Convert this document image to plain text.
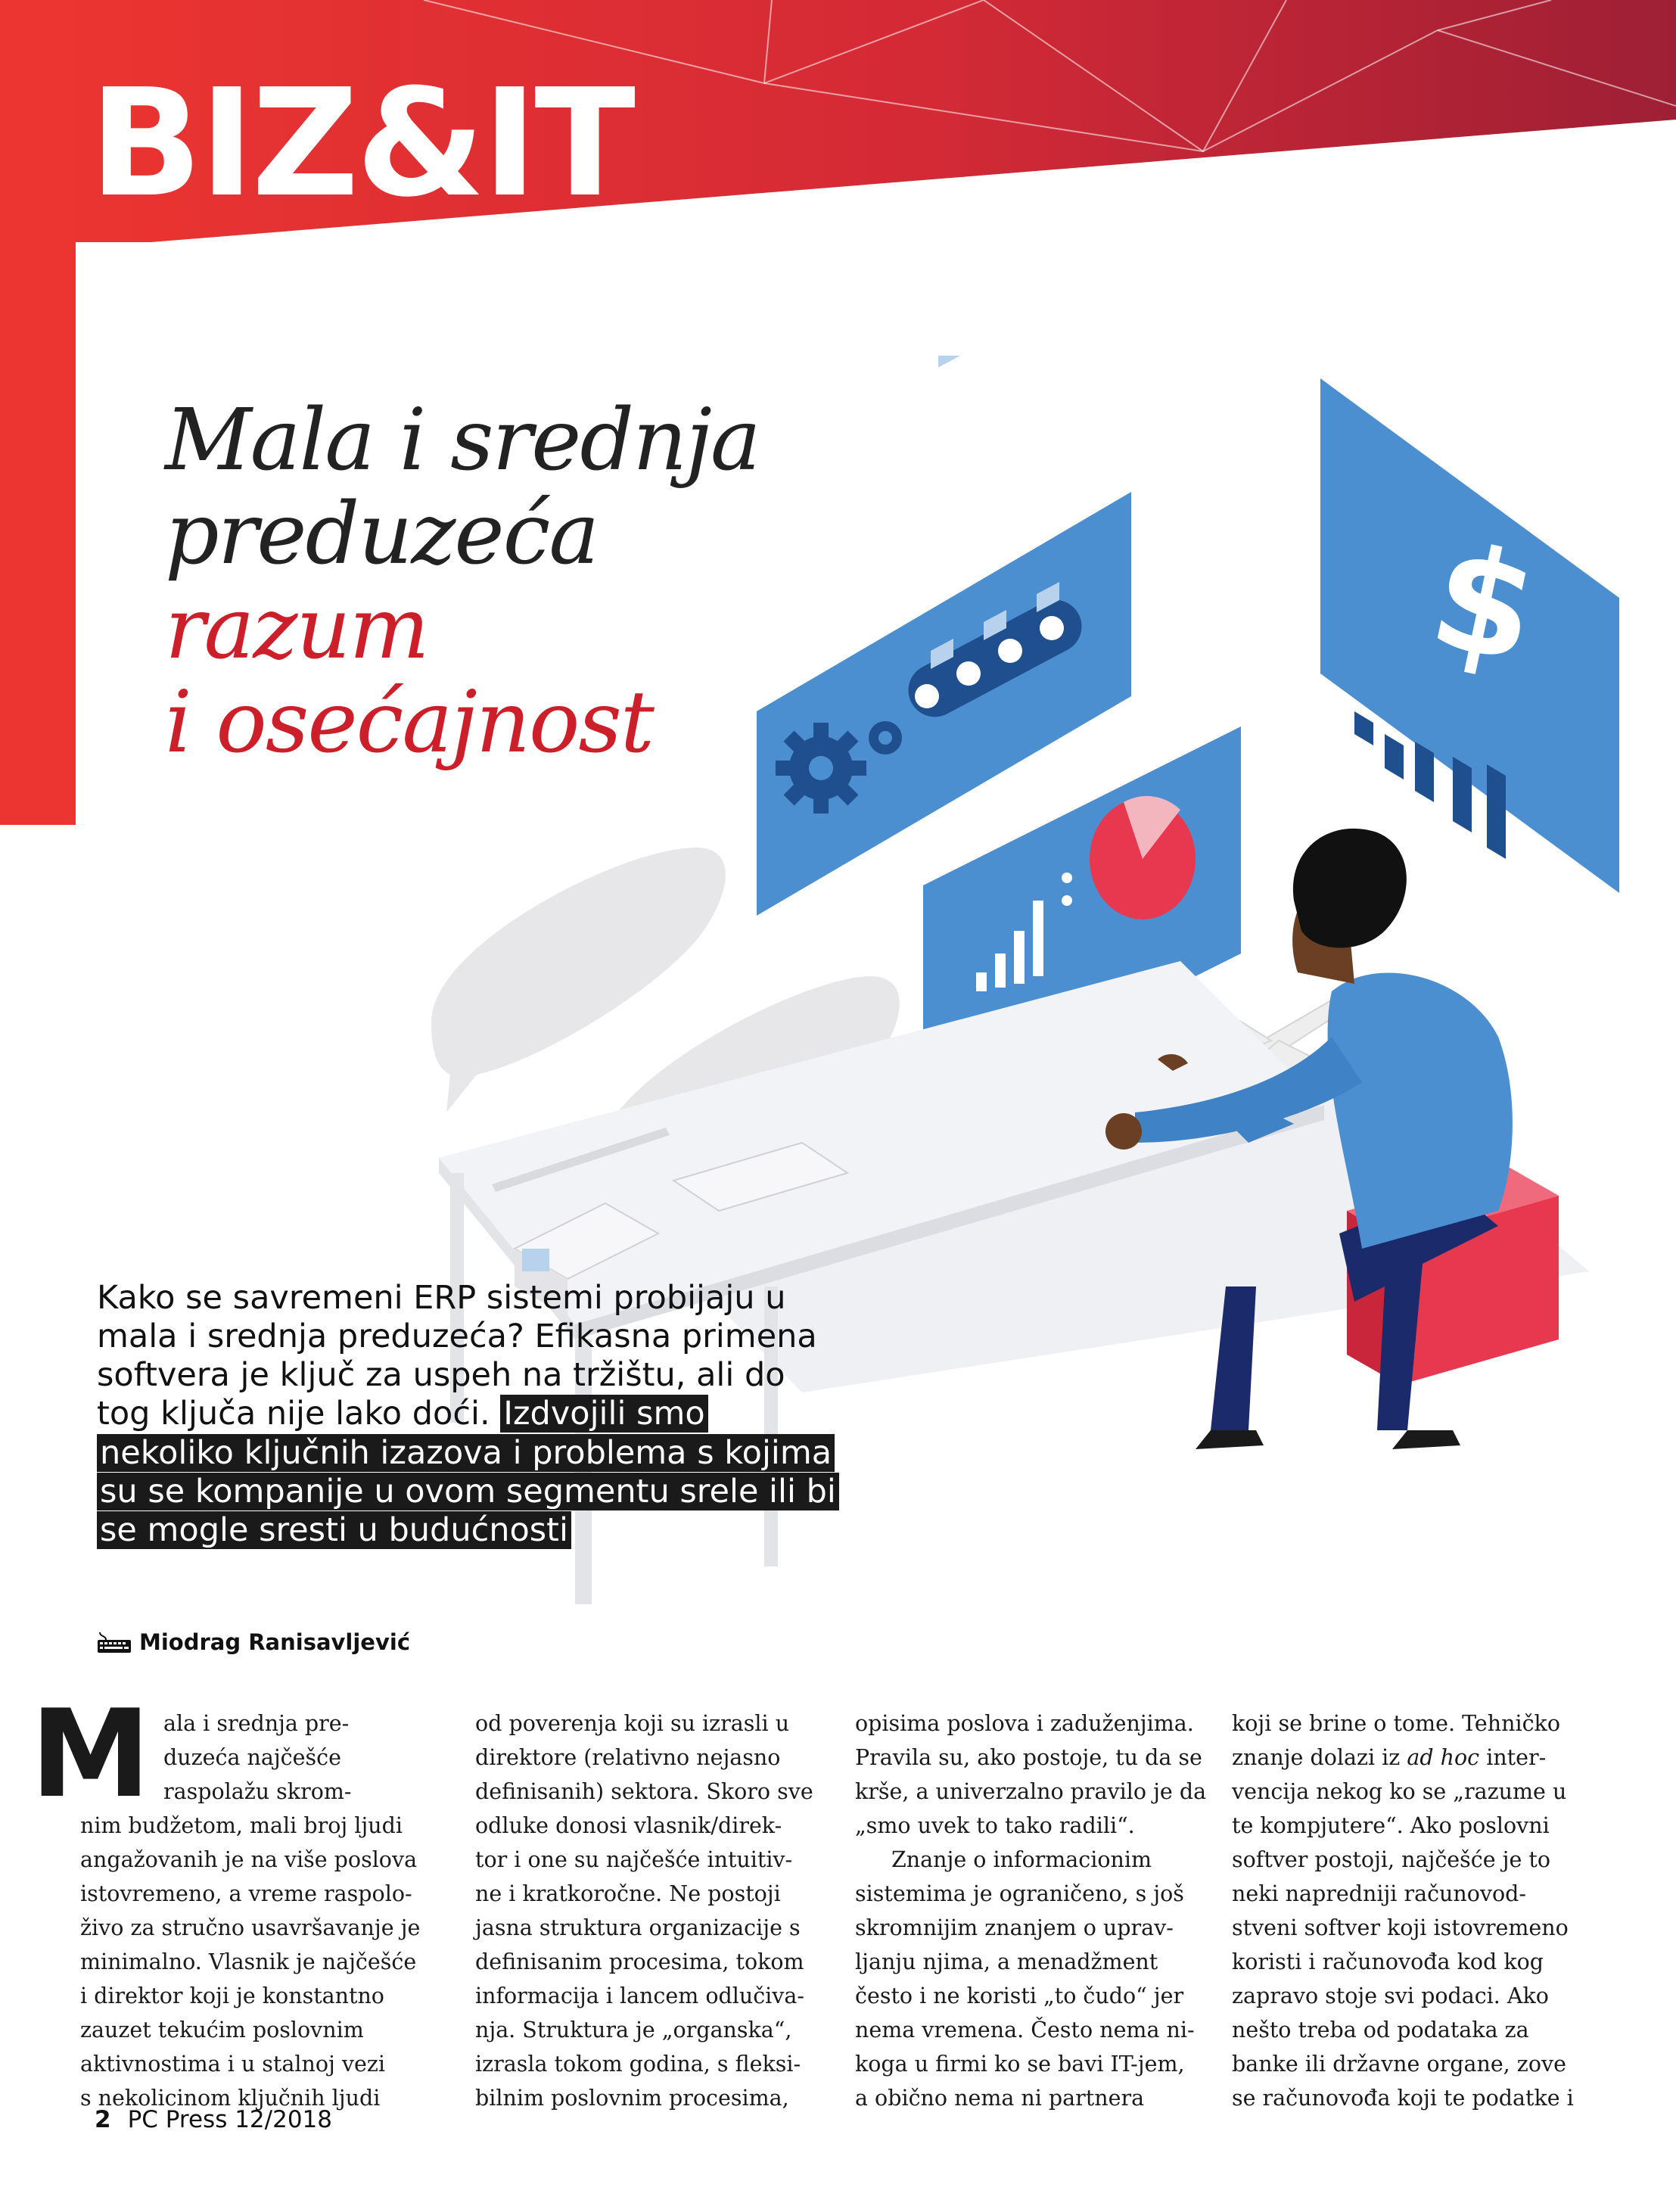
BIZ&IT
Mala i srednja
preduzeća
razum
i osećajnost
$

Kako se savremeni ERP sistemi probijaju u mala i srednja preduzeća? Efikasna primena softvera je ključ za uspeh na tržištu, ali do tog ključa nije lako doći. Izdvojili smo nekoliko ključnih izazova i problema s kojima su se kompanije u ovom segmentu srele ili bi se mogle sresti u budućnosti

Miodrag Ranisavljević
M ala i srednja pre-
duzeća najčešće
raspolažu skrom-
nim budžetom, mali broj ljudi
angažovanih je na više poslova
istovremeno, a vreme raspolo-
živo za stručno usavršavanje je
minimalno. Vlasnik je najčešće
i direktor koji je konstantno
zauzet tekućim poslovnim
aktivnostima i u stalnoj vezi
s nekolicinom ključnih ljudi

od poverenja koji su izrasli u
direktore (relativno nejasno
definisanih) sektora. Skoro sve
odluke donosi vlasnik/direk-
tor i one su najčešće intuitiv-
ne i kratkoročne. Ne postoji
jasna struktura organizacije s
definisanim procesima, tokom
informacija i lancem odlučiva-
nja. Struktura je „organska“,
izrasla tokom godina, s fleksi-
bilnim poslovnim procesima,

opisima poslova i zaduženjima.
Pravila su, ako postoje, tu da se
krše, a univerzalno pravilo je da
„smo uvek to tako radili“.
Znanje o informacionim
sistemima je ograničeno, s još
skromnijim znanjem o uprav-
ljanju njima, a menadžment
često i ne koristi „to čudo“ jer
nema vremena. Često nema ni-
koga u firmi ko se bavi IT-jem,
a obično nema ni partnera

koji se brine o tome. Tehničko
znanje dolazi iz ad hoc inter-
vencija nekog ko se „razume u
te kompjutere“. Ako poslovni
softver postoji, najčešće je to
neki napredniji računovod-
stveni softver koji istovremeno
koristi i računovođa kod kog
zapravo stoje svi podaci. Ako
nešto treba od podataka za
banke ili državne organe, zove
se računovođa koji te podatke i

2 PC Press 12/2018
